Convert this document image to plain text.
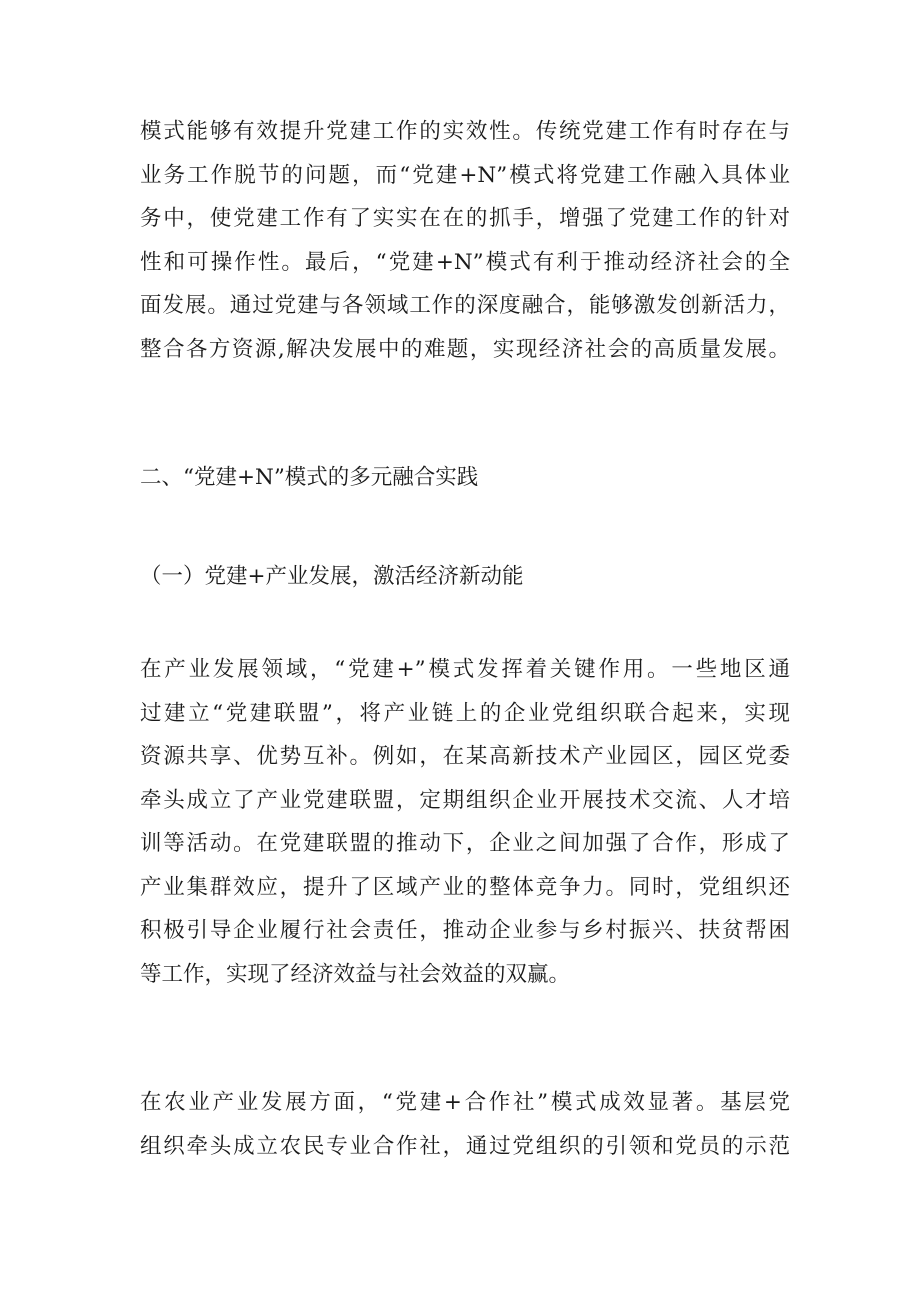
模式能够有效提升党建工作的实效性。传统党建工作有时存在与
业务工作脱节的问题，而“党建+N”模式将党建工作融入具体业
务中，使党建工作有了实实在在的抓手，增强了党建工作的针对
性和可操作性。最后，“党建+N”模式有利于推动经济社会的全
面发展。通过党建与各领域工作的深度融合，能够激发创新活力，
整合各方资源,解决发展中的难题，实现经济社会的高质量发展。
二、“党建+N”模式的多元融合实践
（一）党建+产业发展，激活经济新动能
在产业发展领域，“党建+”模式发挥着关键作用。一些地区通
过建立“党建联盟”，将产业链上的企业党组织联合起来，实现
资源共享、优势互补。例如，在某高新技术产业园区，园区党委
牵头成立了产业党建联盟，定期组织企业开展技术交流、人才培
训等活动。在党建联盟的推动下，企业之间加强了合作，形成了
产业集群效应，提升了区域产业的整体竞争力。同时，党组织还
积极引导企业履行社会责任，推动企业参与乡村振兴、扶贫帮困
等工作，实现了经济效益与社会效益的双赢。
在农业产业发展方面，“党建+合作社”模式成效显著。基层党
组织牵头成立农民专业合作社，通过党组织的引领和党员的示范
